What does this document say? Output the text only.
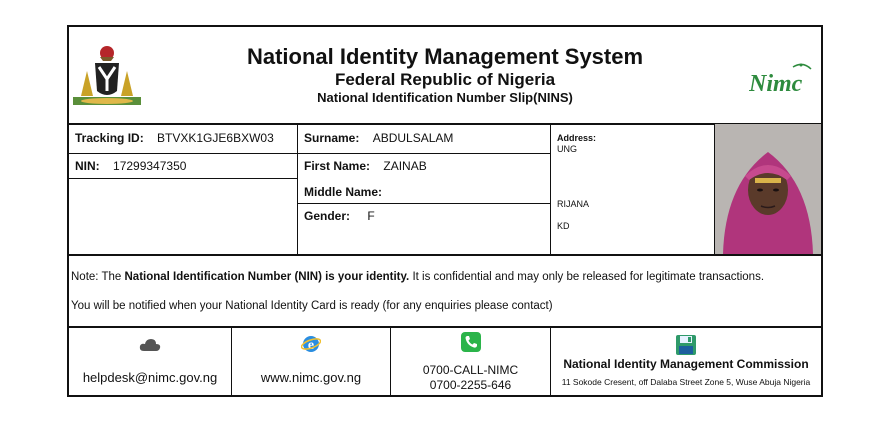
National Identity Management System
Federal Republic of Nigeria
National Identification Number Slip(NINS)
Nimc
Tracking ID: BTVXK1GJE6BXW03
NIN: 17299347350
Surname: ABDULSALAM
First Name: ZAINAB
Middle Name:
Gender: F
Address:
UNG
RIJANA
KD
Note: The National Identification Number (NIN) is your identity. It is confidential and may only be released for legitimate transactions.
You will be notified when your National Identity Card is ready (for any enquiries please contact)
helpdesk@nimc.gov.ng
e
www.nimc.gov.ng	0700-CALL-NIMC
0700-2255-646
National Identity Management Commission
11 Sokode Cresent, off Dalaba Street Zone 5, Wuse Abuja Nigeria
